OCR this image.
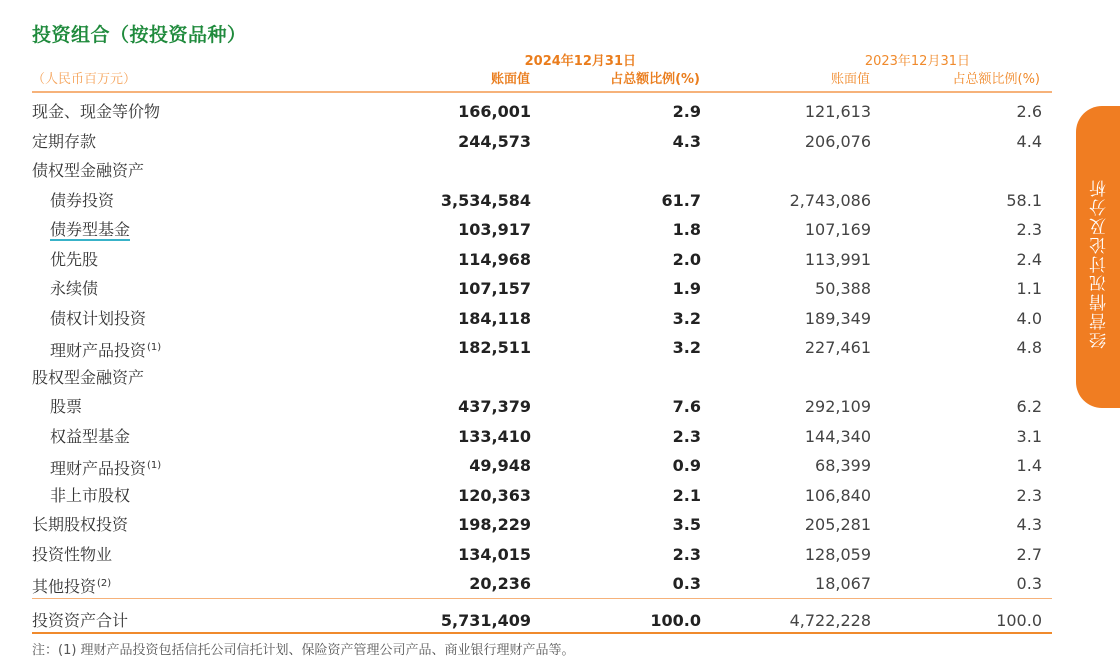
投资组合（按投资品种）
2024年12月31日	2023年12月31日
（人民币百万元）	账面值	占总额比例(%)	账面值	占总额比例(%)
现金、现金等价物	166,001	2.9	121,613	2.6
定期存款	244,573	4.3	206,076	4.4
债权型金融资产
债券投资	3,534,584	61.7	2,743,086	58.1
债券型基金	103,917	1.8	107,169	2.3
优先股	114,968	2.0	113,991	2.4
永续债	107,157	1.9	50,388	1.1
债权计划投资	184,118	3.2	189,349	4.0
理财产品投资$^{(1)}$	182,511	3.2	227,461	4.8
股权型金融资产
股票	437,379	7.6	292,109	6.2
权益型基金	133,410	2.3	144,340	3.1
理财产品投资$^{(1)}$	49,948	0.9	68,399	1.4
非上市股权	120,363	2.1	106,840	2.3
长期股权投资	198,229	3.5	205,281	4.3
投资性物业	134,015	2.3	128,059	2.7
其他投资$^{(2)}$	20,236	0.3	18,067	0.3
投资资产合计	5,731,409	100.0	4,722,228	100.0
注：(1) 理财产品投资包括信托公司信托计划、保险资产管理公司产品、商业银行理财产品等。
经营情况讨论及分析
